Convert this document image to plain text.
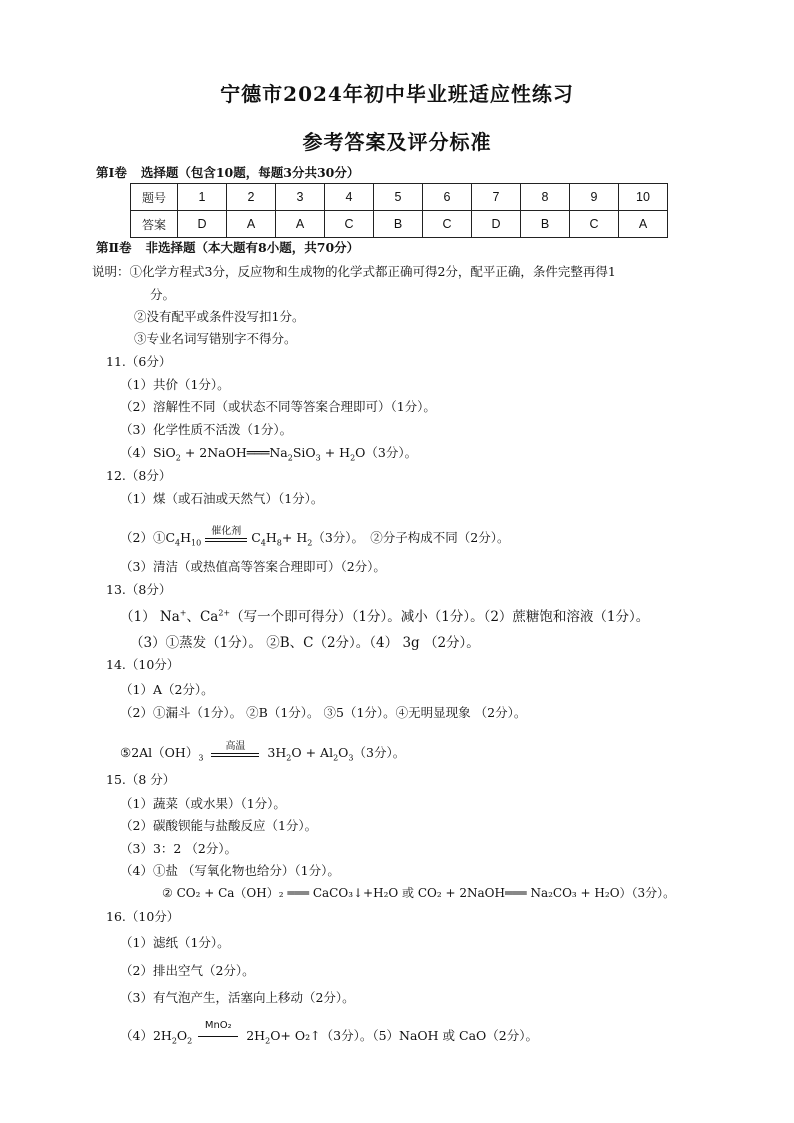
宁德市2024年初中毕业班适应性练习
参考答案及评分标准
第Ⅰ卷 选择题（包含10题，每题3分共30分）
题号	1	2	3	4	5	6	7	8	9	10
答案	D	A	A	C	B	C	D	B	C	A
第Ⅱ卷 非选择题（本大题有8小题，共70分）
说明：①化学方程式3分，反应物和生成物的化学式都正确可得2分，配平正确，条件完整再得1
分。
②没有配平或条件没写扣1分。
③专业名词写错别字不得分。
11.（6分）
（1）共价（1分）。
（2）溶解性不同（或状态不同等答案合理即可）（1分）。
（3）化学性质不活泼（1分）。
$(4)SiO_2 + 2NaOH═══Na_2SiO_3 + H_2O(3$分）。
12.（8分）
（1）煤（或石油或天然气）（1分）。
$(2)①C_4H_{10}$
催化剂 $C_4H_8+ H_2(3$分）。　②分子构成不同（2分）。
（3）清洁（或热值高等答案合理即可）（2分）。
13.（8分）
（1） Na+、$Ca^{2+}$（写一个即可得分）（1分）。减小（1分）。（2）蔗糖饱和溶液（1分）。
（3）①蒸发（1分）。 ②B、C（2分）。（4） 3g （2分）。
14.（10分）
（1）A（2分）。
（2）①漏斗（1分）。 ②B（1分）。 ③5（1分）。④无明显现象 （2分）。
$⑤2Al(OH)_3$
高温	$3H_2O + Al_2O_3(3$分）。
15.（8 分）
（1）蔬菜（或水果）（1分）。
（2）碳酸钡能与盐酸反应（1分）。
（3）3：2 （2分）。
（4）①盐 （写氧化物也给分）（1分）。
② CO₂ + Ca（OH）₂ ═══ CaCO₃↓+H₂O 或 CO₂ + 2NaOH═══ Na₂CO₃ + H₂O）（3分）。
16.（10分）
（1）滤纸（1分）。
（2）排出空气（2分）。
（3）有气泡产生，活塞向上移动（2分）。
$(4)2H_2O_2$
MnO₂
$2H_2O+$ O₂↑（3分）。（5）NaOH 或 CaO（2分）。
